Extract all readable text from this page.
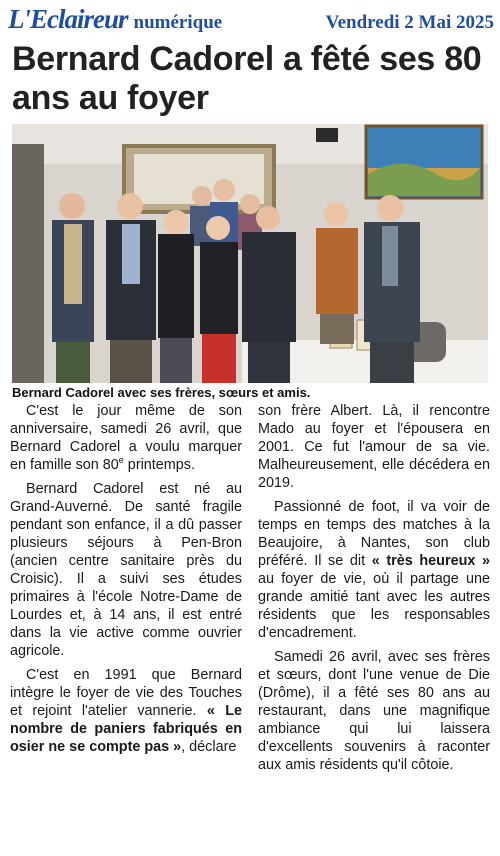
L'Eclaireur numérique	Vendredi 2 Mai 2025
Bernard Cadorel a fêté ses 80 ans au foyer
Bernard Cadorel avec ses frères, sœurs et amis.

C'est le jour même de son anniversaire, samedi 26 avril, que Bernard Cadorel a voulu marquer en famille son 80e printemps.

Bernard Cadorel est né au Grand-Auverné. De santé fragile pendant son enfance, il a dû passer plusieurs séjours à Pen-Bron (ancien centre sanitaire près du Croisic). Il a suivi ses études primaires à l'école Notre-Dame de Lourdes et, à 14 ans, il est entré dans la vie active comme ouvrier agricole.

C'est en 1991 que Bernard intègre le foyer de vie des Touches et rejoint l'atelier vannerie. « Le nombre de paniers fabriqués en osier ne se compte pas », déclare

son frère Albert. Là, il rencontre Mado au foyer et l'épousera en 2001. Ce fut l'amour de sa vie. Malheureusement, elle décédera en 2019.

Passionné de foot, il va voir de temps en temps des matches à la Beaujoire, à Nantes, son club préféré. Il se dit « très heureux » au foyer de vie, où il partage une grande amitié tant avec les autres résidents que les responsables d'encadrement.

Samedi 26 avril, avec ses frères et sœurs, dont l'une venue de Die (Drôme), il a fêté ses 80 ans au restaurant, dans une magnifique ambiance qui lui laissera d'excellents souvenirs à raconter aux amis résidents qu'il côtoie.
